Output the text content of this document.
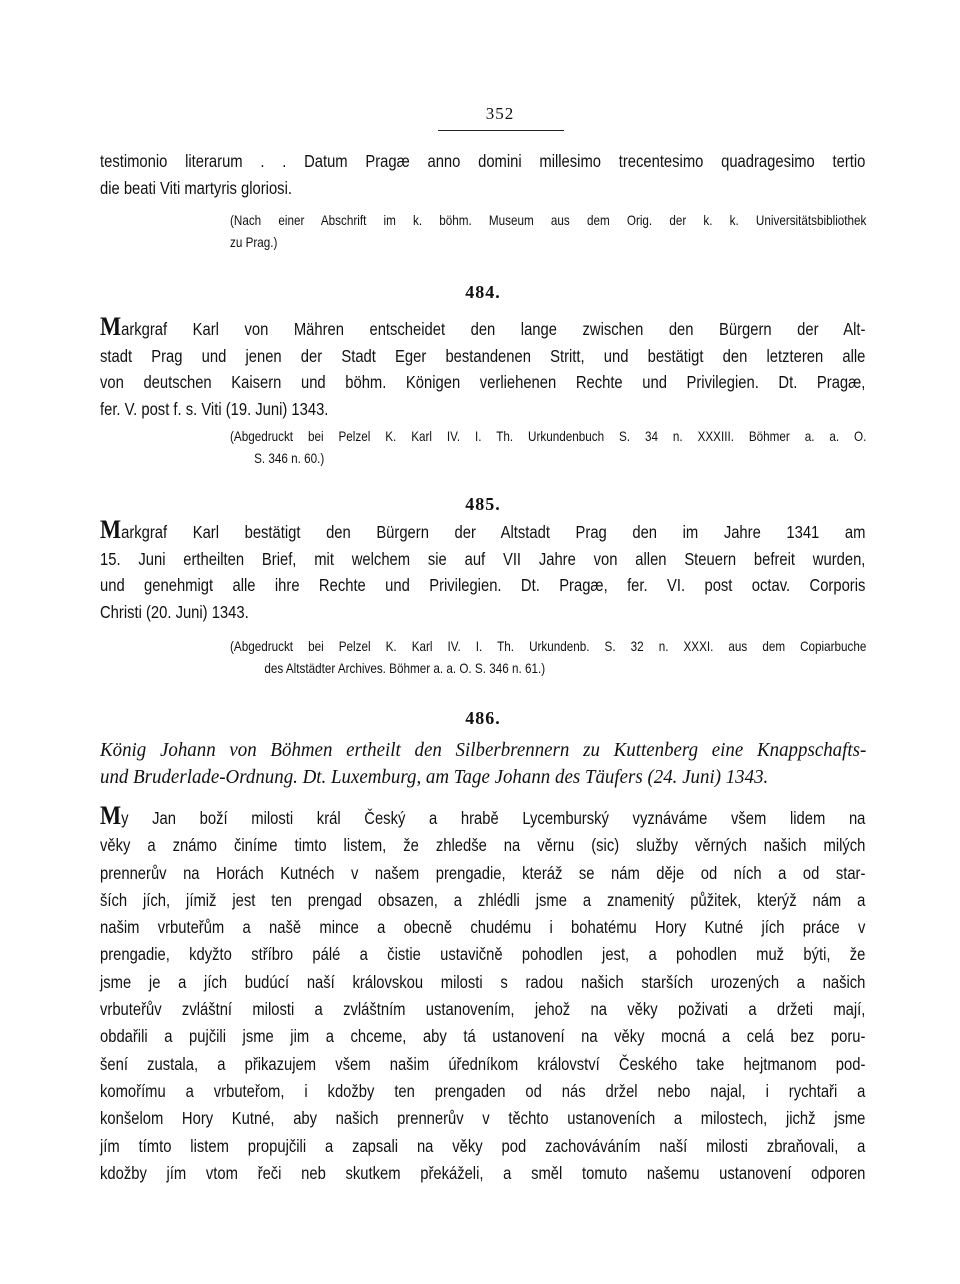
352
testimonio literarum . . Datum Pragæ anno domini millesimo trecentesimo quadragesimo tertio
die beati Viti martyris gloriosi.
(Nach einer Abschrift im k. böhm. Museum aus dem Orig. der k. k. Universitätsbibliothek
zu Prag.)
484.
Markgraf Karl von Mähren entscheidet den lange zwischen den Bürgern der Alt-
stadt Prag und jenen der Stadt Eger bestandenen Stritt, und bestätigt den letzteren alle
von deutschen Kaisern und böhm. Königen verliehenen Rechte und Privilegien. Dt. Pragæ,
fer. V. post f. s. Viti (19. Juni) 1343.
(Abgedruckt bei Pelzel K. Karl IV. I. Th. Urkundenbuch S. 34 n. XXXIII. Böhmer a. a. O.
S. 346 n. 60.)
485.
Markgraf Karl bestätigt den Bürgern der Altstadt Prag den im Jahre 1341 am
15. Juni ertheilten Brief, mit welchem sie auf VII Jahre von allen Steuern befreit wurden,
und genehmigt alle ihre Rechte und Privilegien. Dt. Pragæ, fer. VI. post octav. Corporis
Christi (20. Juni) 1343.
(Abgedruckt bei Pelzel K. Karl IV. I. Th. Urkundenb. S. 32 n. XXXI. aus dem Copiarbuche
des Altstädter Archives. Böhmer a. a. O. S. 346 n. 61.)
486.
König Johann von Böhmen ertheilt den Silberbrennern zu Kuttenberg eine Knappschafts-
und Bruderlade-Ordnung. Dt. Luxemburg, am Tage Johann des Täufers (24. Juni) 1343.
My Jan boží milosti král Český a hrabě Lycemburský vyznáváme všem lidem na
věky a známo činíme timto listem, že zhledše na věrnu (sic) služby věrných našich milých
prennerův na Horách Kutnéch v našem prengadie, kteráž se nám děje od ních a od star-
ších jích, jímiž jest ten prengad obsazen, a zhlédli jsme a znamenitý půžitek, kterýž nám a
našim vrbuteřům a našě mince a obecně chudému i bohatému Hory Kutné jích práce v
prengadie, kdyžto stříbro pálé a čistie ustavičně pohodlen jest, a pohodlen muž býti, že
jsme je a jích budúcí naší královskou milosti s radou našich starších urozených a našich
vrbuteřův zvláštní milosti a zvláštním ustanovením, jehož na věky poživati a držeti mají,
obdařili a pujčili jsme jim a chceme, aby tá ustanovení na věky mocná a celá bez poru-
šení zustala, a přikazujem všem našim úředníkom království Českého take hejtmanom pod-
komořímu a vrbuteřom, i kdožby ten prengaden od nás držel nebo najal, i rychtaři a
konšelom Hory Kutné, aby našich prennerův v těchto ustanoveních a milostech, jichž jsme
jím tímto listem propujčili a zapsali na věky pod zachováváním naší milosti zbraňovali, a
kdožby jím vtom řeči neb skutkem překáželi, a směl tomuto našemu ustanovení odporen
